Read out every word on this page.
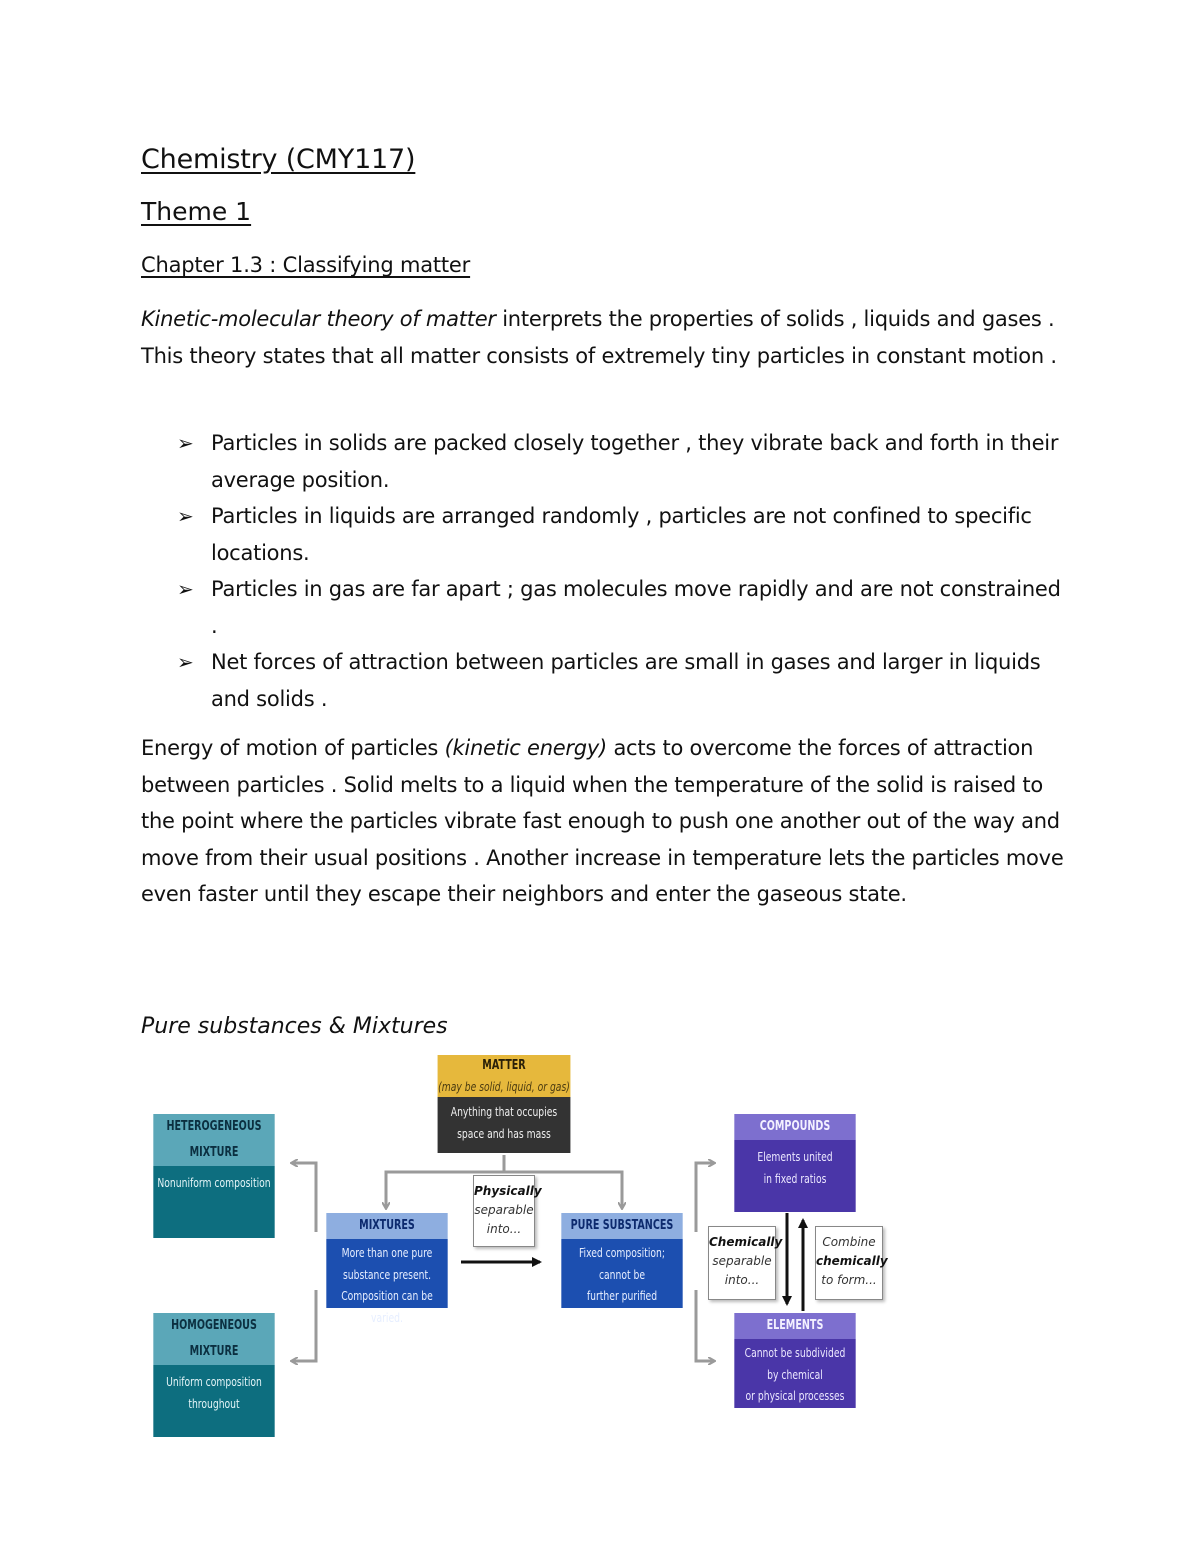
Chemistry (CMY117)
Theme 1
Chapter 1.3 : Classifying matter

Kinetic-molecular theory of matter interprets the properties of solids , liquids and gases . This theory states that all matter consists of extremely tiny particles in constant motion .

➢ Particles in solids are packed closely together , they vibrate back and forth in their average position.
➢ Particles in liquids are arranged randomly , particles are not confined to specific locations.
➢ Particles in gas are far apart ; gas molecules move rapidly and are not constrained .
➢ Net forces of attraction between particles are small in gases and larger in liquids and solids .

Energy of motion of particles (kinetic energy) acts to overcome the forces of attraction between particles . Solid melts to a liquid when the temperature of the solid is raised to the point where the particles vibrate fast enough to push one another out of the way and move from their usual positions . Another increase in temperature lets the particles move even faster until they escape their neighbors and enter the gaseous state.

Pure substances & Mixtures
MATTER
(may be solid, liquid, or gas)
Anything that occupies
space and has mass
HETEROGENEOUS MIXTURE
Nonuniform composition
HOMOGENEOUS MIXTURE
Uniform composition
throughout
MIXTURES
More than one pure
substance present.
Composition can be varied.
PURE SUBSTANCES
Fixed composition;
cannot be
further purified
COMPOUNDS
Elements united
in fixed ratios
ELEMENTS
Cannot be subdivided
by chemical
or physical processes
Physically
separable
into...
Chemically
separable
into...
Combine
chemically
to form...
